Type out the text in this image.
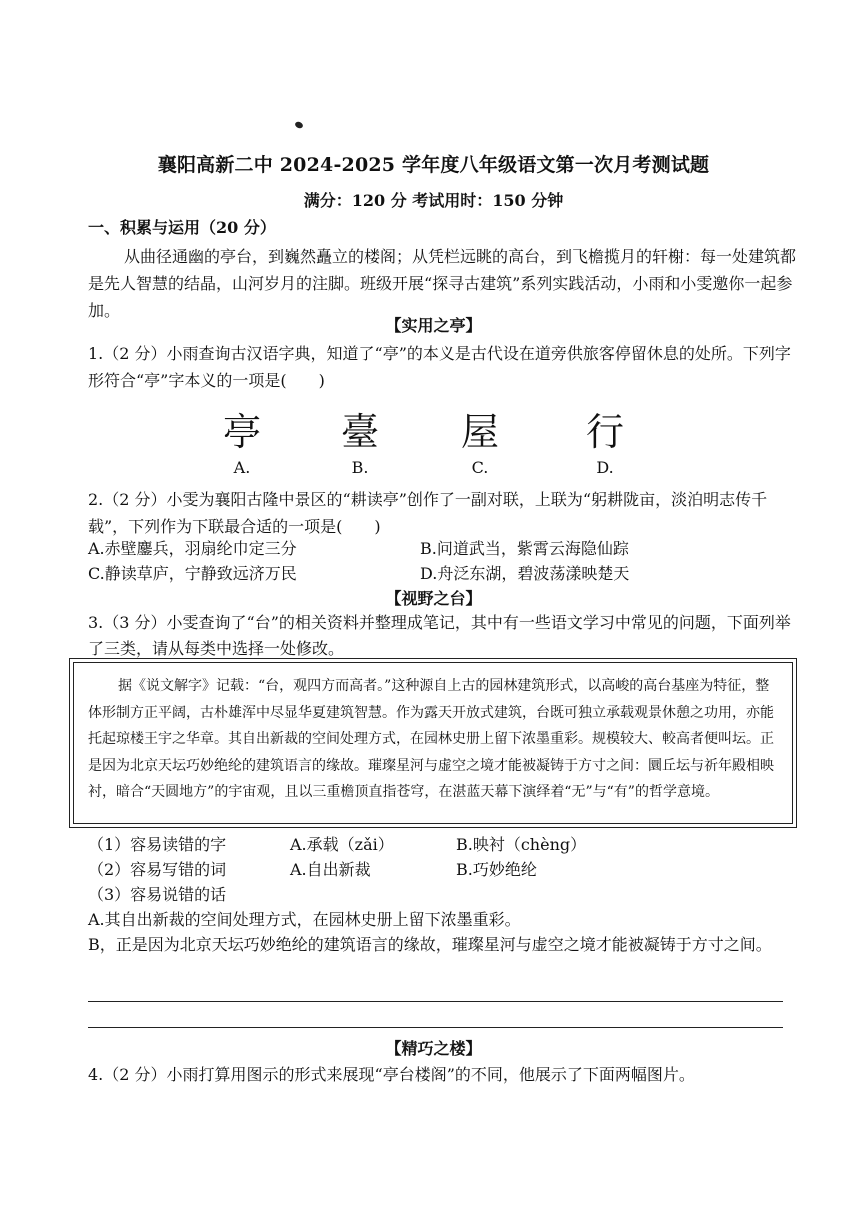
襄阳高新二中 2024-2025 学年度八年级语文第一次月考测试题
满分：120 分 考试用时：150 分钟
一、积累与运用（20 分）
从曲径通幽的亭台，到巍然矗立的楼阁；从凭栏远眺的高台，到飞檐揽月的轩榭：每一处建筑都是先人智慧的结晶，山河岁月的注脚。班级开展“探寻古建筑”系列实践活动，小雨和小雯邀你一起参加。
【实用之亭】
1.（2 分）小雨查询古汉语字典，知道了“亭”的本义是古代设在道旁供旅客停留休息的处所。下列字形符合“亭”字本义的一项是(　　)
亭 臺 屋 行
A.	B.	C.	D.
2.（2 分）小雯为襄阳古隆中景区的“耕读亭”创作了一副对联，上联为“躬耕陇亩，淡泊明志传千载”，下列作为下联最合适的一项是(　　)
A.赤壁鏖兵，羽扇纶巾定三分	B.问道武当，紫霄云海隐仙踪
C.静读草庐，宁静致远济万民	D.舟泛东湖，碧波荡漾映楚天
【视野之台】
3.（3 分）小雯查询了“台”的相关资料并整理成笔记，其中有一些语文学习中常见的问题，下面列举了三类，请从每类中选择一处修改。
据《说文解字》记载：“台，观四方而高者。”这种源自上古的园林建筑形式，以高峻的高台基座为特征，整体形制方正平阔，古朴雄浑中尽显华夏建筑智慧。作为露天开放式建筑，台既可独立承载观景休憩之功用，亦能托起琼楼王宇之华章。其自出新裁的空间处理方式，在园林史册上留下浓墨重彩。规模较大、較高者便叫坛。正是因为北京天坛巧妙绝纶的建筑语言的缘故。璀璨星河与虚空之境才能被凝铸于方寸之间：圜丘坛与祈年殿相映衬，暗合“天圆地方”的宇宙观，且以三重檐顶直指苍穹，在湛蓝天幕下演绎着“无”与“有”的哲学意境。
（1）容易读错的字	A.承载（zǎi）	B.映衬（chèng）
（2）容易写错的词	A.自出新裁	B.巧妙绝纶
（3）容易说错的话
A.其自出新裁的空间处理方式，在园林史册上留下浓墨重彩。
B，正是因为北京天坛巧妙绝纶的建筑语言的缘故，璀璨星河与虚空之境才能被凝铸于方寸之间。
【精巧之楼】
4.（2 分）小雨打算用图示的形式来展现“亭台楼阁”的不同，他展示了下面两幅图片。
